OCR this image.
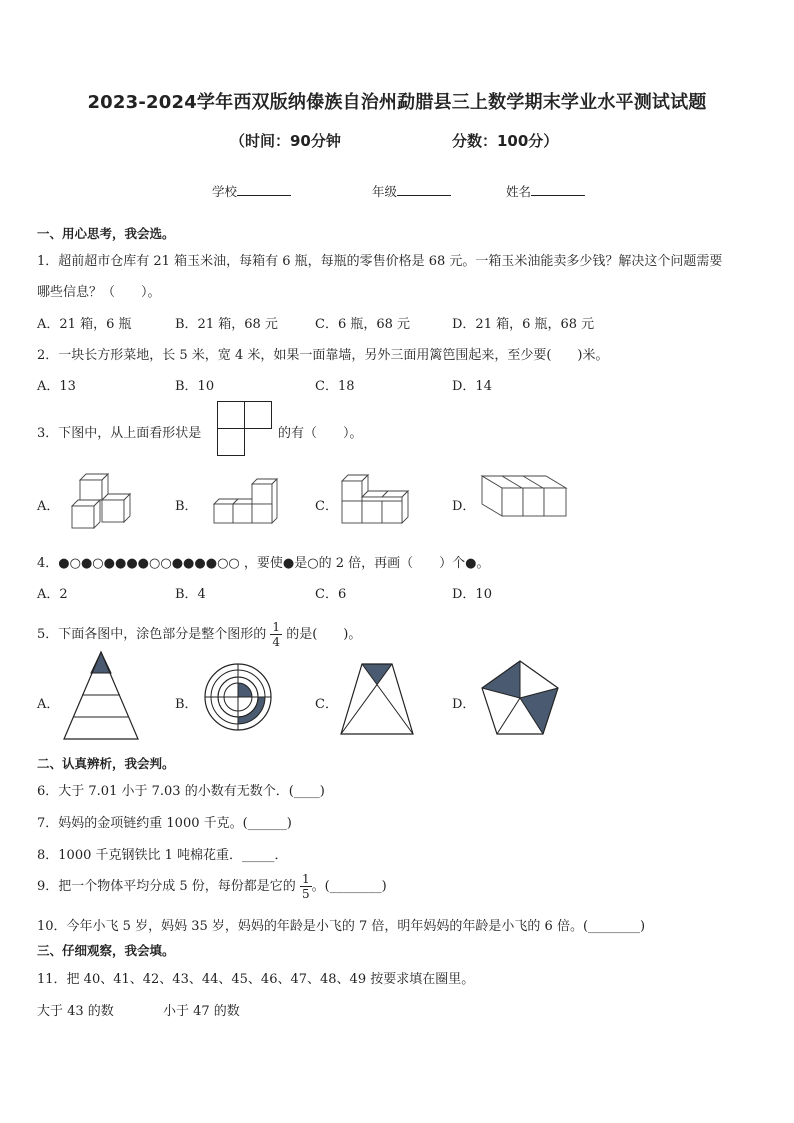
2023-2024学年西双版纳傣族自治州勐腊县三上数学期末学业水平测试试题
（时间：90分钟	分数：100分）
学校	年级	姓名
一、用心思考，我会选。
1．超前超市仓库有 21 箱玉米油，每箱有 6 瓶，每瓶的零售价格是 68 元。一箱玉米油能卖多少钱？解决这个问题需要
哪些信息？（　　）。
A．21 箱，6 瓶	B．21 箱，68 元	C．6 瓶，68 元	D．21 箱，6 瓶，68 元
2．一块长方形菜地，长 5 米，宽 4 米，如果一面靠墙，另外三面用篱笆围起来，至少要(　　)米。
A．13	B．10	C．18	D．14
3．下图中，从上面看形状是	的有（　　）。
A．	B．	C．	D．
4．●○●○●●●●○○●●●●○○ ，要使●是○的 2 倍，再画（　　）个●。
A．2	B．4	C．6	D．10
5．下面各图中，涂色部分是整个图形的 $\frac{1}{4}$ 的是(　　)。
A．	B．	C．	D．
二、认真辨析，我会判。
6．大于 7.01 小于 7.03 的小数有无数个．(____)
7．妈妈的金项链约重 1000 千克。(______)
8．1000 千克钢铁比 1 吨棉花重．_____．
9．把一个物体平均分成 5 份，每份都是它的 $\frac{1}{5}$ 。(________)
10．今年小飞 5 岁，妈妈 35 岁，妈妈的年龄是小飞的 7 倍，明年妈妈的年龄是小飞的 6 倍。(________)
三、仔细观察，我会填。
11．把 40、41、42、43、44、45、46、47、48、49 按要求填在圈里。
大于 43 的数	小于 47 的数
